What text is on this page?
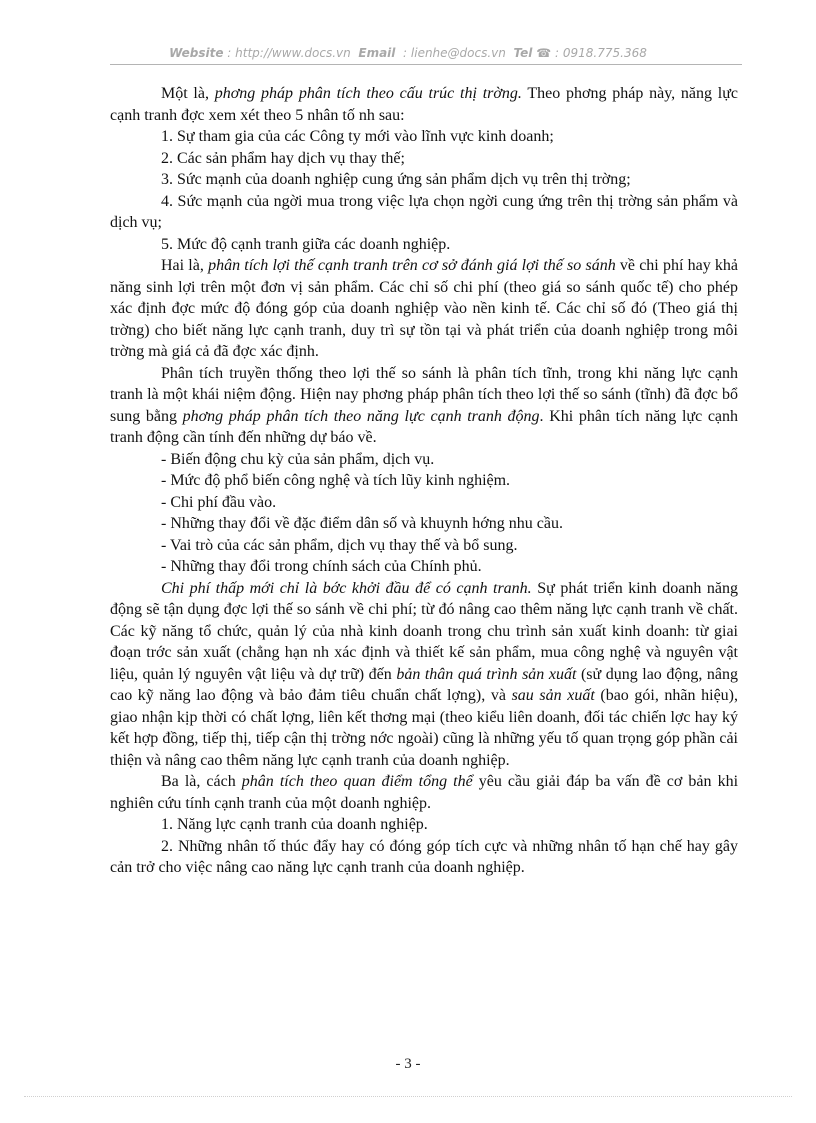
Website : http://www.docs.vn Email : lienhe@docs.vn Tel ☎ : 0918.775.368

Một là, phơng pháp phân tích theo cấu trúc thị trờng. Theo phơng pháp này, năng lực cạnh tranh đợc xem xét theo 5 nhân tố nh sau:

1. Sự tham gia của các Công ty mới vào lĩnh vực kinh doanh;

2. Các sản phẩm hay dịch vụ thay thế;

3. Sức mạnh của doanh nghiệp cung ứng sản phẩm dịch vụ trên thị trờng;

4. Sức mạnh của ngời mua trong việc lựa chọn ngời cung ứng trên thị trờng sản phẩm và dịch vụ;

5. Mức độ cạnh tranh giữa các doanh nghiệp.

Hai là, phân tích lợi thế cạnh tranh trên cơ sở đánh giá lợi thế so sánh về chi phí hay khả năng sinh lợi trên một đơn vị sản phẩm. Các chỉ số chi phí (theo giá so sánh quốc tế) cho phép xác định đợc mức độ đóng góp của doanh nghiệp vào nền kinh tế. Các chỉ số đó (Theo giá thị trờng) cho biết năng lực cạnh tranh, duy trì sự tồn tại và phát triển của doanh nghiệp trong môi trờng mà giá cả đã đợc xác định.

Phân tích truyền thống theo lợi thế so sánh là phân tích tĩnh, trong khi năng lực cạnh tranh là một khái niệm động. Hiện nay phơng pháp phân tích theo lợi thế so sánh (tĩnh) đã đợc bổ sung bằng phơng pháp phân tích theo năng lực cạnh tranh động. Khi phân tích năng lực cạnh tranh động cần tính đến những dự báo về.

- Biến động chu kỳ của sản phẩm, dịch vụ.

- Mức độ phổ biến công nghệ và tích lũy kinh nghiệm.

- Chi phí đầu vào.

- Những thay đổi về đặc điểm dân số và khuynh hớng nhu cầu.

- Vai trò của các sản phẩm, dịch vụ thay thế và bổ sung.

- Những thay đổi trong chính sách của Chính phủ.

Chi phí thấp mới chỉ là bớc khởi đầu để có cạnh tranh. Sự phát triển kinh doanh năng động sẽ tận dụng đợc lợi thế so sánh về chi phí; từ đó nâng cao thêm năng lực cạnh tranh về chất. Các kỹ năng tổ chức, quản lý của nhà kinh doanh trong chu trình sản xuất kinh doanh: từ giai đoạn trớc sản xuất (chẳng hạn nh xác định và thiết kế sản phẩm, mua công nghệ và nguyên vật liệu, quản lý nguyên vật liệu và dự trữ) đến bản thân quá trình sản xuất (sử dụng lao động, nâng cao kỹ năng lao động và bảo đảm tiêu chuẩn chất lợng), và sau sản xuất (bao gói, nhãn hiệu), giao nhận kịp thời có chất lợng, liên kết thơng mại (theo kiểu liên doanh, đối tác chiến lợc hay ký kết hợp đồng, tiếp thị, tiếp cận thị trờng nớc ngoài) cũng là những yếu tố quan trọng góp phần cải thiện và nâng cao thêm năng lực cạnh tranh của doanh nghiệp.

Ba là, cách phân tích theo quan điểm tổng thể yêu cầu giải đáp ba vấn đề cơ bản khi nghiên cứu tính cạnh tranh của một doanh nghiệp.

1. Năng lực cạnh tranh của doanh nghiệp.

2. Những nhân tố thúc đẩy hay có đóng góp tích cực và những nhân tố hạn chế hay gây cản trở cho việc nâng cao năng lực cạnh tranh của doanh nghiệp.

- 3 -
